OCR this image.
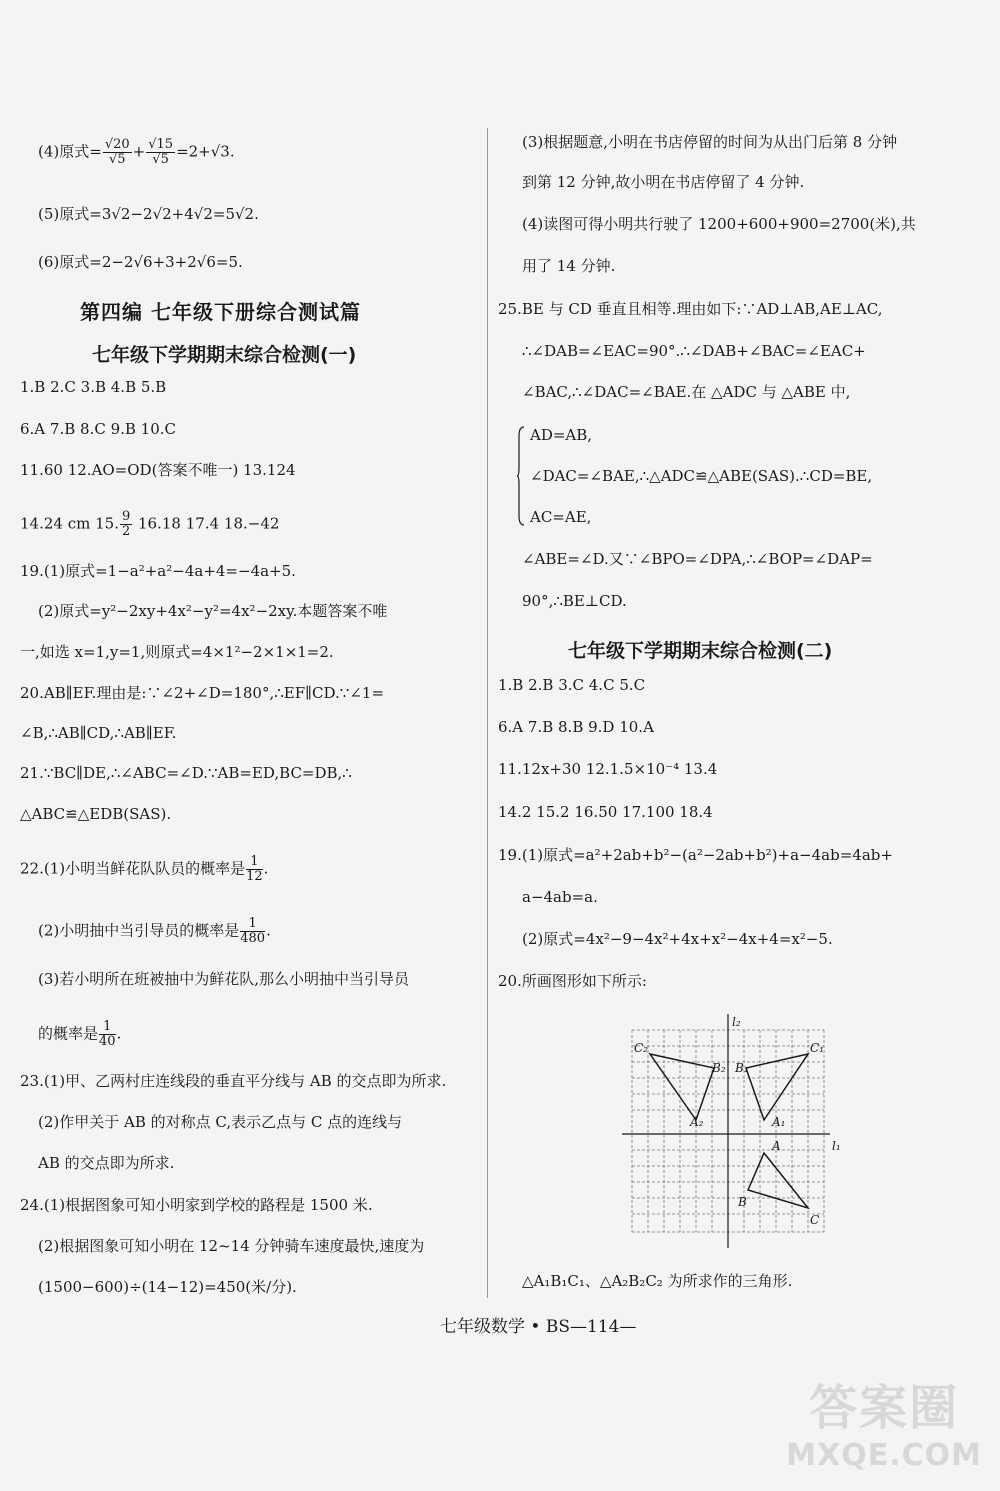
(4)原式= $\frac{√20}{√5} + \frac{√15}{√5} =2+√3$.
(5)原式=3√2−2√2+4√2=5√2.
(6)原式=2−2√6+3+2√6=5.
第四编 七年级下册综合测试篇
七年级下学期期末综合检测(一)
1.B 2.C 3.B 4.B 5.B
6.A 7.B 8.C 9.B 10.C
11.60 12.AO=OD(答案不唯一) 13.124
14.24 cm 15. $\frac{9}{2} 16.18$ 17.4 18.−42
19.(1)原式=1−a²+a²−4a+4=−4a+5.
(2)原式=y²−2xy+4x²−y²=4x²−2xy.本题答案不唯
一,如选 x=1,y=1,则原式=4×1²−2×1×1=2.
20.AB∥EF.理由是:∵∠2+∠D=180°,∴EF∥CD.∵∠1=
∠B,∴AB∥CD,∴AB∥EF.
21.∵BC∥DE,∴∠ABC=∠D.∵AB=ED,BC=DB,∴
△ABC≌△EDB(SAS).
22.(1)小明当鲜花队队员的概率是 $\frac{1}{12}$ .
(2)小明抽中当引导员的概率是 $\frac{1}{480}$ .
(3)若小明所在班被抽中为鲜花队,那么小明抽中当引导员
的概率是 $\frac{1}{40}$ .
23.(1)甲、乙两村庄连线段的垂直平分线与 AB 的交点即为所求.
(2)作甲关于 AB 的对称点 C,表示乙点与 C 点的连线与
AB 的交点即为所求.
24.(1)根据图象可知小明家到学校的路程是 1500 米.
(2)根据图象可知小明在 12~14 分钟骑车速度最快,速度为
(1500−600)÷(14−12)=450(米/分).
(3)根据题意,小明在书店停留的时间为从出门后第 8 分钟
到第 12 分钟,故小明在书店停留了 4 分钟.
(4)读图可得小明共行驶了 1200+600+900=2700(米),共
用了 14 分钟.
25.BE 与 CD 垂直且相等.理由如下:∵AD⊥AB,AE⊥AC,
∴∠DAB=∠EAC=90°.∴∠DAB+∠BAC=∠EAC+
∠BAC,∴∠DAC=∠BAE.在 △ADC 与 △ABE 中,
AD=AB,
∠DAC=∠BAE,∴△ADC≌△ABE(SAS).∴CD=BE,
AC=AE,
∠ABE=∠D.又∵∠BPO=∠DPA,∴∠BOP=∠DAP=
90°,∴BE⊥CD.
七年级下学期期末综合检测(二)
1.B 2.B 3.C 4.C 5.C
6.A 7.B 8.B 9.D 10.A
11.12x+30 12.1.5×10⁻⁴ 13.4
14.2 15.2 16.50 17.100 18.4
19.(1)原式=a²+2ab+b²−(a²−2ab+b²)+a−4ab=4ab+
a−4ab=a.
(2)原式=4x²−9−4x²+4x+x²−4x+4=x²−5.
20.所画图形如下所示:
l₂
l₁
C₂	C₁
B₂ B₁
A₂	A₁
A
B
C
△A₁B₁C₁、△A₂B₂C₂ 为所求作的三角形.
七年级数学 • BS—114—
答案圈
MXQE.COM
